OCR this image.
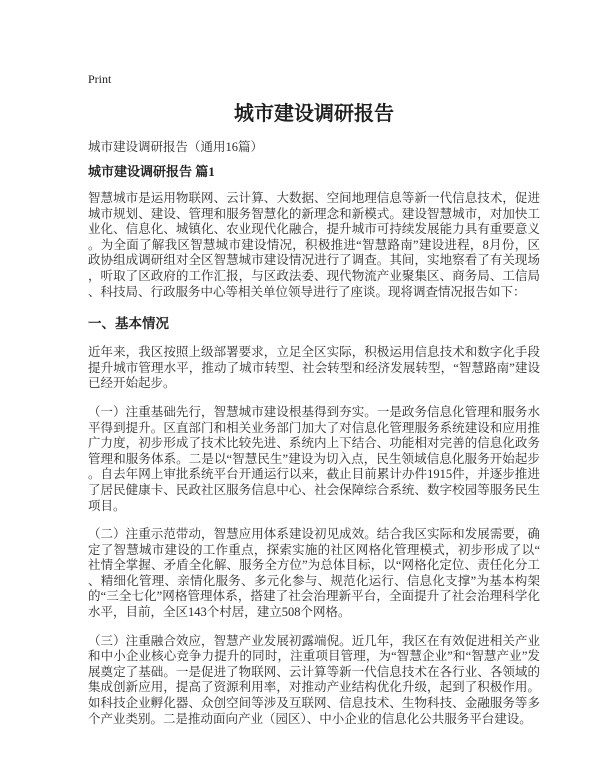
Print
城市建设调研报告

城市建设调研报告（通用16篇）

城市建设调研报告 篇1

智慧城市是运用物联网、云计算、大数据、空间地理信息等新一代信息技术，促进城市规划、建设、管理和服务智慧化的新理念和新模式。建设智慧城市，对加快工业化、信息化、城镇化、农业现代化融合，提升城市可持续发展能力具有重要意义。为全面了解我区智慧城市建设情况，积极推进“智慧路南”建设进程，8月份，区政协组成调研组对全区智慧城市建设情况进行了调查。其间，实地察看了有关现场，听取了区政府的工作汇报，与区政法委、现代物流产业聚集区、商务局、工信局、科技局、行政服务中心等相关单位领导进行了座谈。现将调查情况报告如下：

一、基本情况

近年来，我区按照上级部署要求，立足全区实际，积极运用信息技术和数字化手段提升城市管理水平，推动了城市转型、社会转型和经济发展转型，“智慧路南”建设已经开始起步。

（一）注重基础先行，智慧城市建设根基得到夯实。一是政务信息化管理和服务水平得到提升。区直部门和相关业务部门加大了对信息化管理服务系统建设和应用推广力度，初步形成了技术比较先进、系统内上下结合、功能相对完善的信息化政务管理和服务体系。二是以“智慧民生”建设为切入点，民生领域信息化服务开始起步。自去年网上审批系统平台开通运行以来，截止目前累计办件1915件，并逐步推进了居民健康卡、民政社区服务信息中心、社会保障综合系统、数字校园等服务民生项目。

（二）注重示范带动，智慧应用体系建设初见成效。结合我区实际和发展需要，确定了智慧城市建设的工作重点，探索实施的社区网格化管理模式，初步形成了以“社情全掌握、矛盾全化解、服务全方位”为总体目标，以“网格化定位、责任化分工、精细化管理、亲情化服务、多元化参与、规范化运行、信息化支撑”为基本构架的“三全七化”网格管理体系，搭建了社会治理新平台，全面提升了社会治理科学化水平，目前，全区143个村居，建立508个网格。

（三）注重融合效应，智慧产业发展初露端倪。近几年，我区在有效促进相关产业和中小企业核心竞争力提升的同时，注重项目管理，为“智慧企业”和“智慧产业”发展奠定了基础。一是促进了物联网、云计算等新一代信息技术在各行业、各领域的集成创新应用，提高了资源利用率，对推动产业结构优化升级，起到了积极作用。如科技企业孵化器、众创空间等涉及互联网、信息技术、生物科技、金融服务等多个产业类别。二是推动面向产业（园区）、中小企业的信息化公共服务平台建设。
